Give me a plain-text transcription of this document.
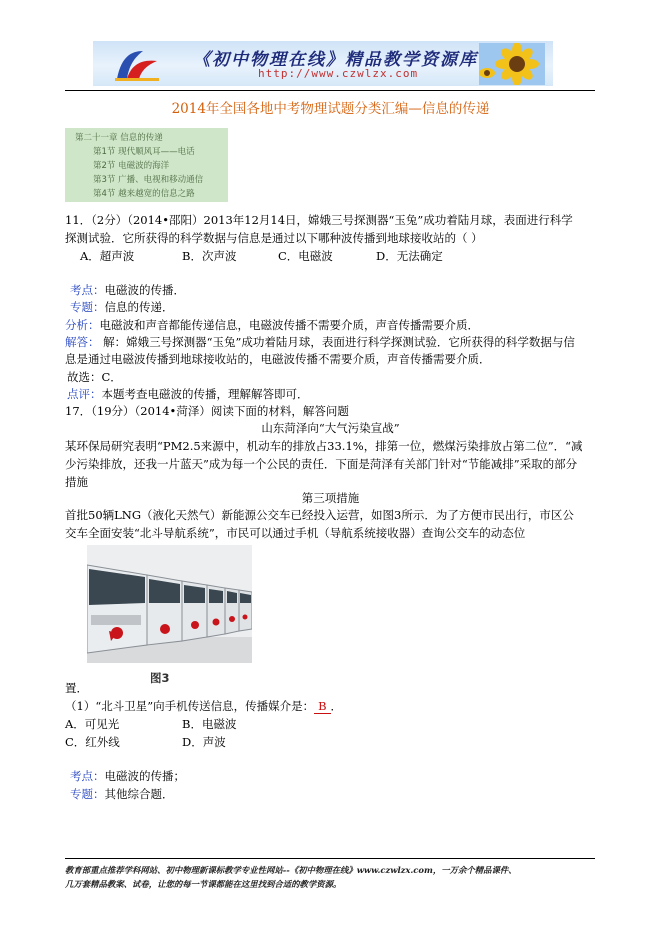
《初中物理在线》精品教学资源库
http://www.czwlzx.com
2014年全国各地中考物理试题分类汇编—信息的传递
第二十一章 信息的传递
第1节 现代顺风耳——电话
第2节 电磁波的海洋
第3节 广播、电视和移动通信
第4节 越来越宽的信息之路
11．（2分）（2014•邵阳）2013年12月14日，嫦娥三号探测器“玉兔”成功着陆月球，表面进行科学
探测试验．它所获得的科学数据与信息是通过以下哪种波传播到地球接收站的（ ）
A．超声波	B．次声波	C．电磁波	D．无法确定
考点：电磁波的传播．
专题：信息的传递．
分析：电磁波和声音都能传递信息，电磁波传播不需要介质，声音传播需要介质．
解答： 解：嫦娥三号探测器“玉兔”成功着陆月球，表面进行科学探测试验．它所获得的科学数据与信
息是通过电磁波传播到地球接收站的，电磁波传播不需要介质，声音传播需要介质．
故选：C．
点评：本题考查电磁波的传播，理解解答即可．
17．（19分）（2014•菏泽）阅读下面的材料，解答问题
山东菏泽向“大气污染宣战”
某环保局研究表明“PM2.5来源中，机动车的排放占33.1%，排第一位，燃煤污染排放占第二位”．“减
少污染排放，还我一片蓝天”成为每一个公民的责任．下面是菏泽有关部门针对“节能减排”采取的部分
措施
第三项措施
首批50辆LNG（液化天然气）新能源公交车已经投入运营，如图3所示．为了方便市民出行，市区公
交车全面安装“北斗导航系统”，市民可以通过手机（导航系统接收器）查询公交车的动态位
图3
置．
（1）“北斗卫星”向手机传送信息，传播媒介是： B ．
A．可见光	B．电磁波
C．红外线	D．声波
考点：电磁波的传播；
专题：其他综合题．
教育部重点推荐学科网站、初中物理新课标教学专业性网站--《初中物理在线》www.czwlzx.com，一万余个精品课件、
几万套精品教案、试卷，让您的每一节课都能在这里找到合适的教学资源。
